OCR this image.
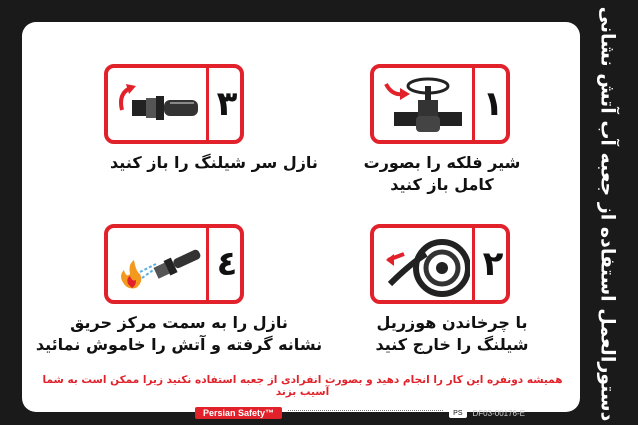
٣
نازل سر شیلنگ را باز کنید
١
شیر فلکه را بصورت
کامل باز کنید
٤
نازل را به سمت مرکز حریق
نشانه گرفته و آتش را خاموش نمائید
٢
با چرخاندن هوزریل
شیلنگ را خارج کنید
همیشه دونفره این کار را انجام دهید و بصورت انفرادی از جعبه استفاده نکنید زیرا ممکن است به شما آسیب بزند	دستورالعمل استفاده از جعبه آب آتش نشانی
Persian Safety™	PS	DF03-00176-E
